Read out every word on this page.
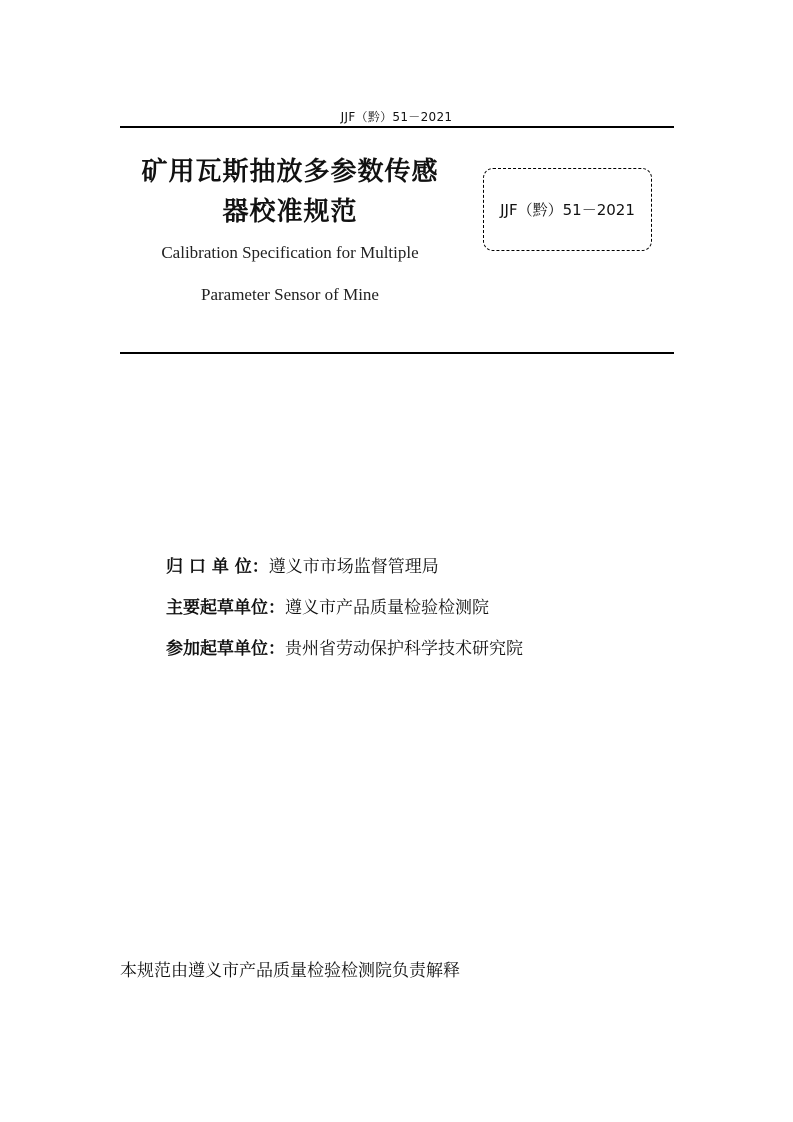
JJF（黔）51－2021
矿用瓦斯抽放多参数传感
器校准规范
Calibration Specification for Multiple
Parameter Sensor of Mine
JJF（黔）51－2021
归 口 单 位：遵义市市场监督管理局
主要起草单位：遵义市产品质量检验检测院
参加起草单位：贵州省劳动保护科学技术研究院
本规范由遵义市产品质量检验检测院负责解释
